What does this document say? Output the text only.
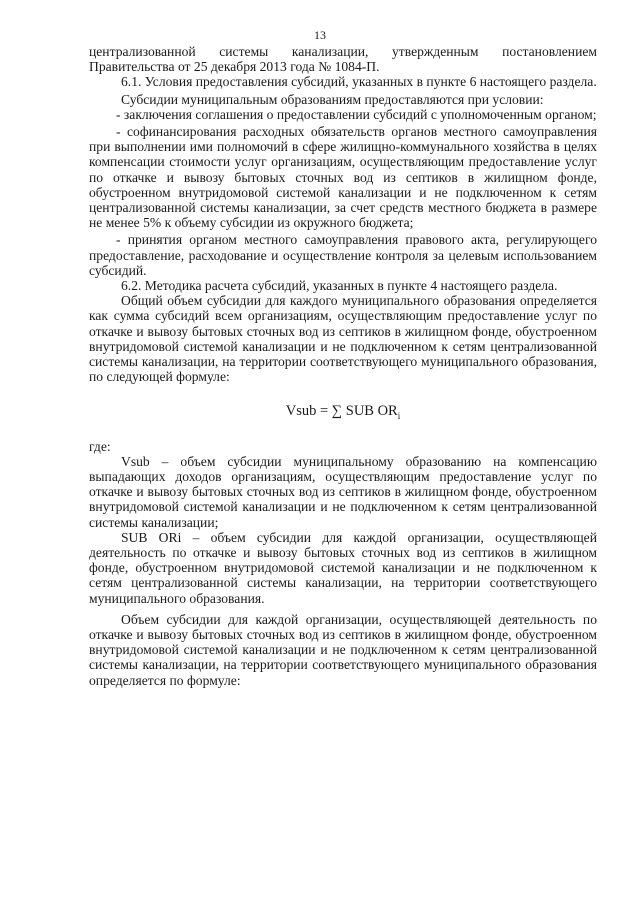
13

централизованной системы канализации, утвержденным постановлением Правительства от 25 декабря 2013 года № 1084-П.

6.1. Условия предоставления субсидий, указанных в пункте 6 настоящего раздела.

Субсидии муниципальным образованиям предоставляются при условии:

- заключения соглашения о предоставлении субсидий с уполномоченным органом;

- софинансирования расходных обязательств органов местного самоуправления при выполнении ими полномочий в сфере жилищно-коммунального хозяйства в целях компенсации стоимости услуг организациям, осуществляющим предоставление услуг по откачке и вывозу бытовых сточных вод из септиков в жилищном фонде, обустроенном внутридомовой системой канализации и не подключенном к сетям централизованной системы канализации, за счет средств местного бюджета в размере не менее 5% к объему субсидии из окружного бюджета;

- принятия органом местного самоуправления правового акта, регулирующего предоставление, расходование и осуществление контроля за целевым использованием субсидий.

6.2. Методика расчета субсидий, указанных в пункте 4 настоящего раздела.

Общий объем субсидии для каждого муниципального образования определяется как сумма субсидий всем организациям, осуществляющим предоставление услуг по откачке и вывозу бытовых сточных вод из септиков в жилищном фонде, обустроенном внутридомовой системой канализации и не подключенном к сетям централизованной системы канализации, на территории соответствующего муниципального образования, по следующей формуле:

Vsub = ∑ SUB $OR_i$

где:

Vsub – объем субсидии муниципальному образованию на компенсацию выпадающих доходов организациям, осуществляющим предоставление услуг по откачке и вывозу бытовых сточных вод из септиков в жилищном фонде, обустроенном внутридомовой системой канализации и не подключенном к сетям централизованной системы канализации;

SUB ORi – объем субсидии для каждой организации, осуществляющей деятельность по откачке и вывозу бытовых сточных вод из септиков в жилищном фонде, обустроенном внутридомовой системой канализации и не подключенном к сетям централизованной системы канализации, на территории соответствующего муниципального образования.

Объем субсидии для каждой организации, осуществляющей деятельность по откачке и вывозу бытовых сточных вод из септиков в жилищном фонде, обустроенном внутридомовой системой канализации и не подключенном к сетям централизованной системы канализации, на территории соответствующего муниципального образования определяется по формуле:
